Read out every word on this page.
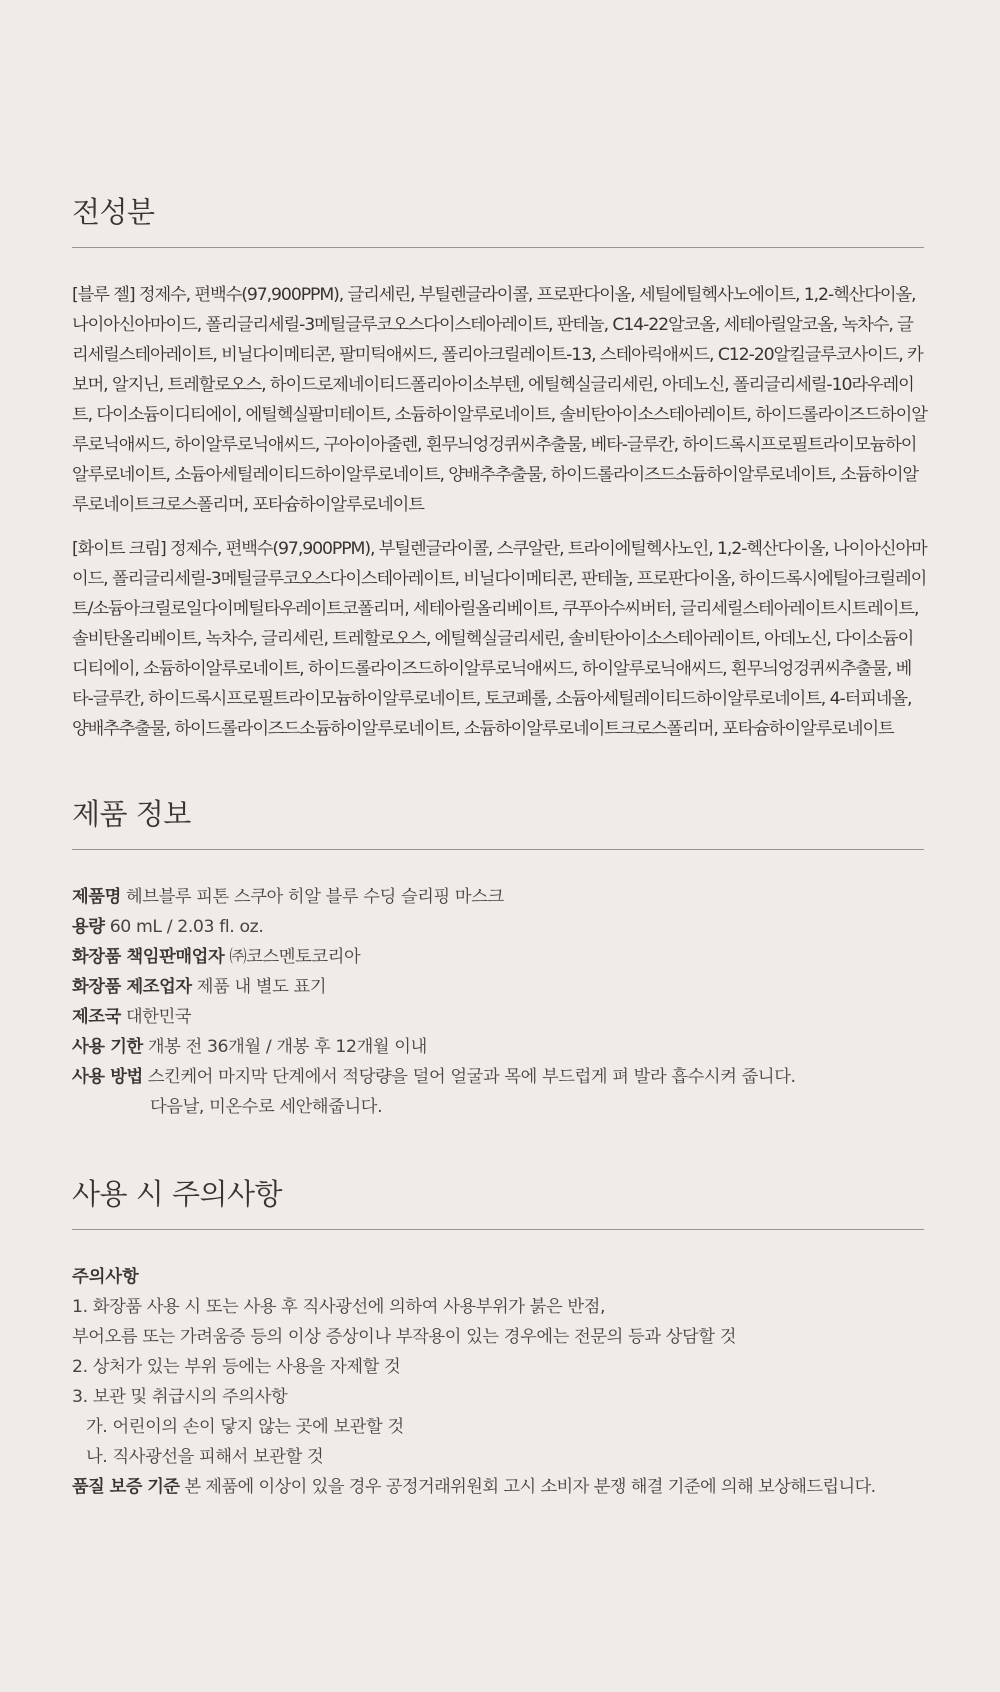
전성분

[블루 젤] 정제수, 편백수(97,900PPM), 글리세린, 부틸렌글라이콜, 프로판다이올, 세틸에틸헥사노에이트, 1,2-헥산다이올, 나이아신아마이드, 폴리글리세릴-3메틸글루코오스다이스테아레이트, 판테놀, C14-22알코올, 세테아릴알코올, 녹차수, 글리세릴스테아레이트, 비닐다이메티콘, 팔미틱애씨드, 폴리아크릴레이트-13, 스테아릭애씨드, C12-20알킬글루코사이드, 카보머, 알지닌, 트레할로오스, 하이드로제네이티드폴리아이소부텐, 에틸헥실글리세린, 아데노신, 폴리글리세릴-10라우레이트, 다이소듐이디티에이, 에틸헥실팔미테이트, 소듐하이알루로네이트, 솔비탄아이소스테아레이트, 하이드롤라이즈드하이알루로닉애씨드, 하이알루로닉애씨드, 구아이아줄렌, 흰무늬엉겅퀴씨추출물, 베타-글루칸, 하이드록시프로필트라이모늄하이알루로네이트, 소듐아세틸레이티드하이알루로네이트, 양배추추출물, 하이드롤라이즈드소듐하이알루로네이트, 소듐하이알루로네이트크로스폴리머, 포타슘하이알루로네이트

[화이트 크림] 정제수, 편백수(97,900PPM), 부틸렌글라이콜, 스쿠알란, 트라이에틸헥사노인, 1,2-헥산다이올, 나이아신아마이드, 폴리글리세릴-3메틸글루코오스다이스테아레이트, 비닐다이메티콘, 판테놀, 프로판다이올, 하이드록시에틸아크릴레이트/소듐아크릴로일다이메틸타우레이트코폴리머, 세테아릴올리베이트, 쿠푸아수씨버터, 글리세릴스테아레이트시트레이트, 솔비탄올리베이트, 녹차수, 글리세린, 트레할로오스, 에틸헥실글리세린, 솔비탄아이소스테아레이트, 아데노신, 다이소듐이디티에이, 소듐하이알루로네이트, 하이드롤라이즈드하이알루로닉애씨드, 하이알루로닉애씨드, 흰무늬엉겅퀴씨추출물, 베타-글루칸, 하이드록시프로필트라이모늄하이알루로네이트, 토코페롤, 소듐아세틸레이티드하이알루로네이트, 4-터피네올, 양배추추출물, 하이드롤라이즈드소듐하이알루로네이트, 소듐하이알루로네이트크로스폴리머, 포타슘하이알루로네이트

제품 정보
제품명 헤브블루 피톤 스쿠아 히알 블루 수딩 슬리핑 마스크
용량 60 mL / 2.03 fl. oz.
화장품 책임판매업자 ㈜코스멘토코리아
화장품 제조업자 제품 내 별도 표기
제조국 대한민국
사용 기한 개봉 전 36개월 / 개봉 후 12개월 이내
사용 방법 스킨케어 마지막 단계에서 적당량을 덜어 얼굴과 목에 부드럽게 펴 발라 흡수시켜 줍니다.
다음날, 미온수로 세안해줍니다.
사용 시 주의사항
주의사항
1. 화장품 사용 시 또는 사용 후 직사광선에 의하여 사용부위가 붉은 반점,
부어오름 또는 가려움증 등의 이상 증상이나 부작용이 있는 경우에는 전문의 등과 상담할 것
2. 상처가 있는 부위 등에는 사용을 자제할 것
3. 보관 및 취급시의 주의사항
가. 어린이의 손이 닿지 않는 곳에 보관할 것
나. 직사광선을 피해서 보관할 것
품질 보증 기준 본 제품에 이상이 있을 경우 공정거래위원회 고시 소비자 분쟁 해결 기준에 의해 보상해드립니다.
